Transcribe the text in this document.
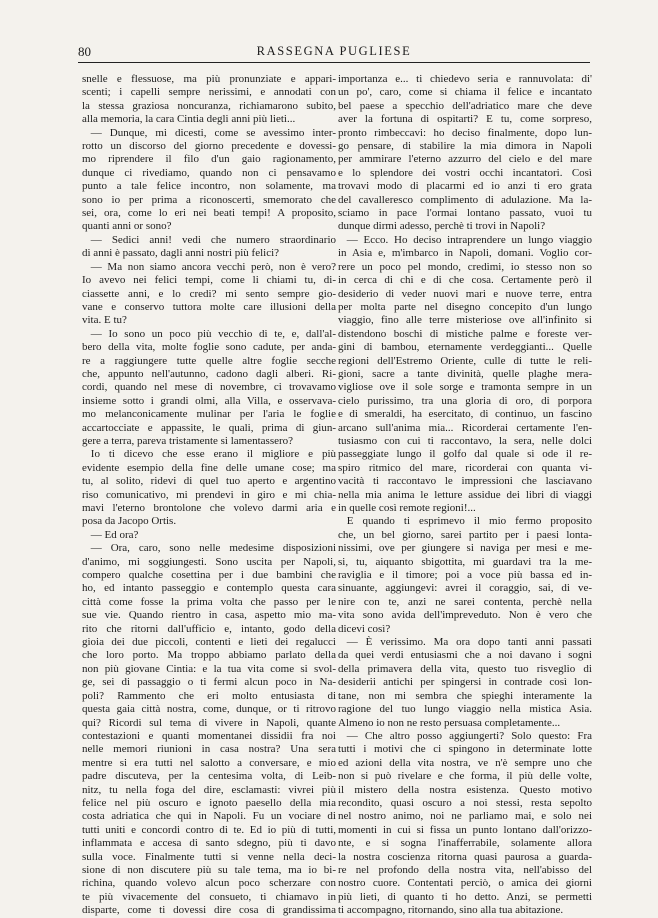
80	RASSEGNA PUGLIESE

snelle e flessuose, ma più pronunziate e appari-

scenti; i capelli sempre nerissimi, e annodati con

la stessa graziosa noncuranza, richiamarono subito,

alla memoria, la cara Cintia degli anni più lieti...

— Dunque, mi dicesti, come se avessimo inter-

rotto un discorso del giorno precedente e dovessi-

mo riprendere il filo d'un gaio ragionamento,

dunque ci rivediamo, quando non ci pensavamo

punto a tale felice incontro, non solamente, ma

sono io per prima a riconoscerti, smemorato che

sei, ora, come lo eri nei beati tempi! A proposito,

quanti anni or sono?

— Sedici anni! vedi che numero straordinario

di anni è passato, dagli anni nostri più felici?

— Ma non siamo ancora vecchi però, non è vero?

Io avevo nei felici tempi, come li chiami tu, di-

ciassette anni, e lo credi? mi sento sempre gio-

vane e conservo tuttora molte care illusioni della

vita. E tu?

— Io sono un poco più vecchio di te, e, dall'al-

bero della vita, molte foglie sono cadute, per anda-

re a raggiungere tutte quelle altre foglie secche

che, appunto nell'autunno, cadono dagli alberi. Ri-

cordi, quando nel mese di novembre, ci trovavamo

insieme sotto i grandi olmi, alla Villa, e osservava-

mo melanconicamente mulinar per l'aria le foglie

accartocciate e appassite, le quali, prima di giun-

gere a terra, pareva tristamente si lamentassero?

Io ti dicevo che esse erano il migliore e più

evidente esempio della fine delle umane cose; ma

tu, al solito, ridevi di quel tuo aperto e argentino

riso comunicativo, mi prendevi in giro e mi chia-

mavi l'eterno brontolone che volevo darmi aria e

posa da Jacopo Ortis.

— Ed ora?

— Ora, caro, sono nelle medesime disposizioni

d'animo, mi soggiungesti. Sono uscita per Napoli,

compero qualche cosettina per i due bambini che

ho, ed intanto passeggio e contemplo questa cara

città come fosse la prima volta che passo per le

sue vie. Quando rientro in casa, aspetto mio ma-

rito che ritorni dall'ufficio e, intanto, godo della

gioia dei due piccoli, contenti e lieti dei regalucci

che loro porto. Ma troppo abbiamo parlato della

non più giovane Cintia: e la tua vita come si svol-

ge, sei di passaggio o ti fermi alcun poco in Na-

poli? Rammento che eri molto entusiasta di

questa gaia città nostra, come, dunque, or ti ritrovo

qui? Ricordi sul tema di vivere in Napoli, quante

contestazioni e quanti momentanei dissidii fra noi

nelle memori riunioni in casa nostra? Una sera

mentre si era tutti nel salotto a conversare, e mio

padre discuteva, per la centesima volta, di Leib-

nitz, tu nella foga del dire, esclamasti: vivrei più

felice nel più oscuro e ignoto paesello della mia

costa adriatica che qui in Napoli. Fu un vociare di

tutti uniti e concordi contro di te. Ed io più di tutti,

inflammata e accesa di santo sdegno, più ti davo

sulla voce. Finalmente tutti si venne nella deci-

sione di non discutere più su tale tema, ma io bi-

richina, quando volevo alcun poco scherzare con

te più vivacemente del consueto, ti chiamavo in

disparte, come ti dovessi dire cosa di grandissima

importanza e... ti chiedevo seria e rannuvolata: di'

un po', caro, come si chiama il felice e incantato

bel paese a specchio dell'adriatico mare che deve

aver la fortuna di ospitarti? E tu, come sorpreso,

pronto rimbeccavi: ho deciso finalmente, dopo lun-

go pensare, di stabilire la mia dimora in Napoli

per ammirare l'eterno azzurro del cielo e del mare

e lo splendore dei vostri occhi incantatori. Così

trovavi modo di placarmi ed io anzi ti ero grata

del cavalleresco complimento di adulazione. Ma la-

sciamo in pace l'ormai lontano passato, vuoi tu

dunque dirmi adesso, perchè ti trovi in Napoli?

— Ecco. Ho deciso intraprendere un lungo viaggio

in Asia e, m'imbarco in Napoli, domani. Voglio cor-

rere un poco pel mondo, credimi, io stesso non so

in cerca di chi e di che cosa. Certamente però il

desiderio di veder nuovi mari e nuove terre, entra

per molta parte nel disegno concepito d'un lungo

viaggio, fino alle terre misteriose ove all'infinito si

distendono boschi di mistiche palme e foreste ver-

gini di bambou, eternamente verdeggianti... Quelle

regioni dell'Estremo Oriente, culle di tutte le reli-

gioni, sacre a tante divinità, quelle plaghe mera-

vigliose ove il sole sorge e tramonta sempre in un

cielo purissimo, tra una gloria di oro, di porpora

e di smeraldi, ha esercitato, di continuo, un fascino

arcano sull'anima mia... Ricorderai certamente l'en-

tusiasmo con cui ti raccontavo, la sera, nelle dolci

passeggiate lungo il golfo dal quale si ode il re-

spiro ritmico del mare, ricorderai con quanta vi-

vacità ti raccontavo le impressioni che lasciavano

nella mia anima le letture assidue dei libri di viaggi

in quelle così remote regioni!...

E quando ti esprimevo il mio fermo proposito

che, un bel giorno, sarei partito per i paesi lonta-

nissimi, ove per giungere si naviga per mesi e me-

si, tu, aiquanto sbigottita, mi guardavi tra la me-

raviglia e il timore; poi a voce più bassa ed in-

sinuante, aggiungevi: avrei il coraggio, sai, di ve-

nire con te, anzi ne sarei contenta, perchè nella

vita sono avida dell'impreveduto. Non è vero che

dicevi così?

— È verissimo. Ma ora dopo tanti anni passati

da quei verdi entusiasmi che a noi davano i sogni

della primavera della vita, questo tuo risveglio di

desiderii antichi per spingersi in contrade così lon-

tane, non mi sembra che spieghi interamente la

ragione del tuo lungo viaggio nella mistica Asia.

Almeno io non ne resto persuasa completamente...

— Che altro posso aggiungerti? Solo questo: Fra

tutti i motivi che ci spingono in determinate lotte

ed azioni della vita nostra, ve n'è sempre uno che

non si può rivelare e che forma, il più delle volte,

il mistero della nostra esistenza. Questo motivo

recondito, quasi oscuro a noi stessi, resta sepolto

nel nostro animo, noi ne parliamo mai, e solo nei

momenti in cui si fissa un punto lontano dall'orizzo-

nte, e si sogna l'inafferrabile, solamente allora

la nostra coscienza ritorna quasi paurosa a guarda-

re nel profondo della nostra vita, nell'abisso del

nostro cuore. Contentati perciò, o amica dei giorni

più lieti, di quanto ti ho detto. Anzi, se permetti

ti accompagno, ritornando, sino alla tua abitazione.
